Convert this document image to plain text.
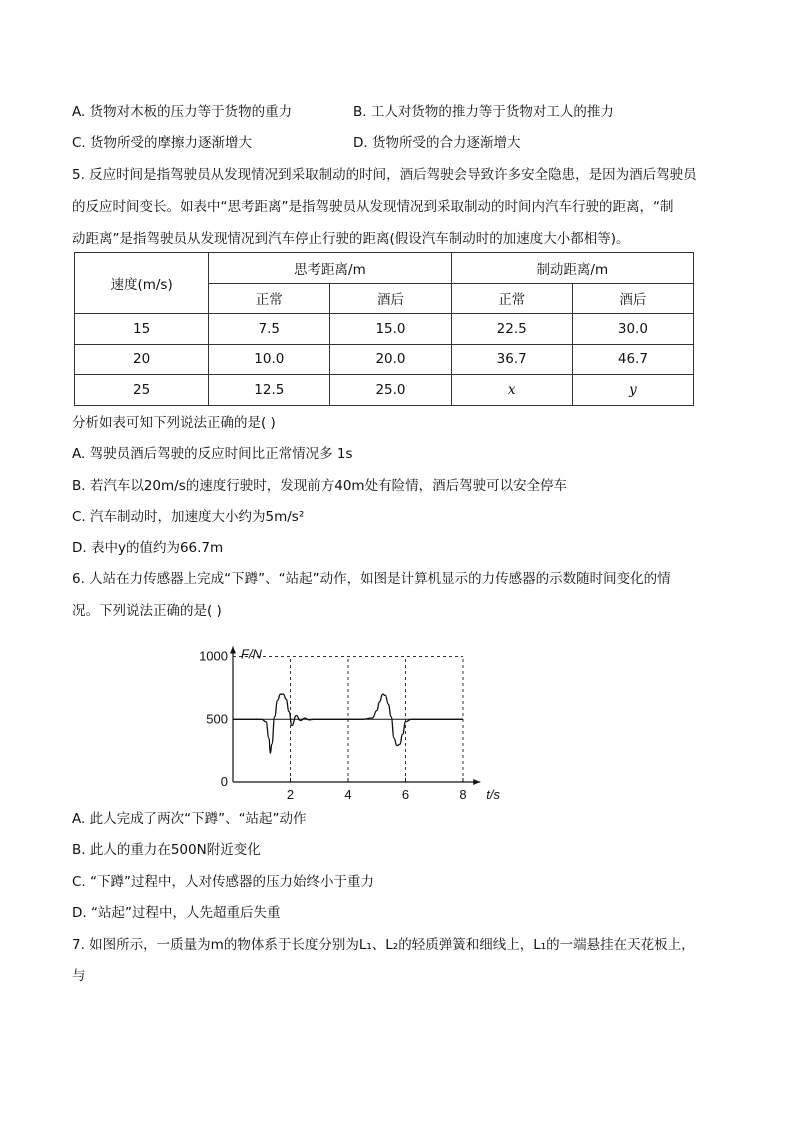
A. 货物对木板的压力等于货物的重力	B. 工人对货物的推力等于货物对工人的推力
C. 货物所受的摩擦力逐渐增大	D. 货物所受的合力逐渐增大
5. 反应时间是指驾驶员从发现情况到采取制动的时间，酒后驾驶会导致许多安全隐患，是因为酒后驾驶员
的反应时间变长。如表中“思考距离”是指驾驶员从发现情况到采取制动的时间内汽车行驶的距离，“制
动距离”是指驾驶员从发现情况到汽车停止行驶的距离(假设汽车制动时的加速度大小都相等)。
速度(m/s)	思考距离/m		制动距离/m	
	正常	酒后	正常	酒后
15	7.5	15.0	22.5	30.0
20	10.0	20.0	36.7	46.7
25	12.5	25.0	x	y
分析如表可知下列说法正确的是( )
A. 驾驶员酒后驾驶的反应时间比正常情况多 1s
B. 若汽车以20m/s的速度行驶时，发现前方40m处有险情，酒后驾驶可以安全停车
C. 汽车制动时，加速度大小约为5m/s²
D. 表中y的值约为66.7m
6. 人站在力传感器上完成“下蹲”、“站起”动作，如图是计算机显示的力传感器的示数随时间变化的情
况。下列说法正确的是( )
2	4	6	8
0
500
1000 F/N
t/s
A. 此人完成了两次“下蹲”、“站起”动作
B. 此人的重力在500N附近变化
C. “下蹲”过程中，人对传感器的压力始终小于重力
D. “站起”过程中，人先超重后失重
7. 如图所示，一质量为m的物体系于长度分别为L₁、L₂的轻质弹簧和细线上，L₁的一端悬挂在天花板上，
与
